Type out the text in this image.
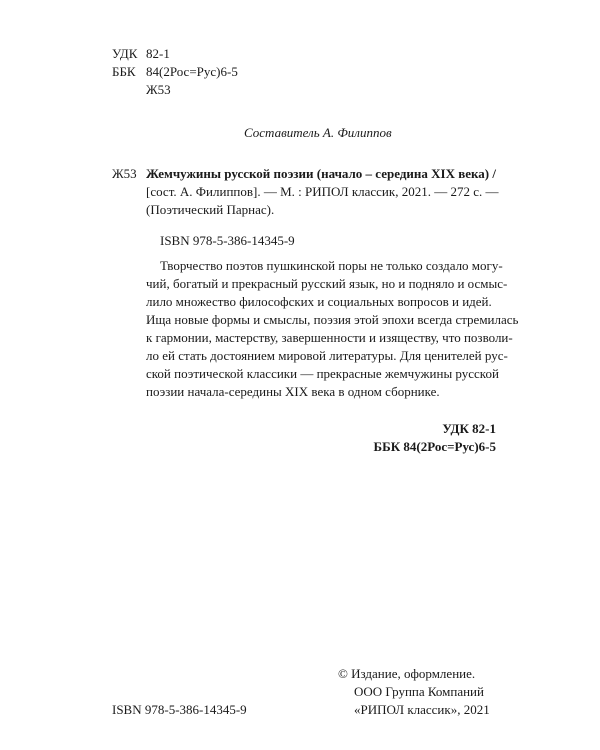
УДК 82-1
ББК 84(2Рос=Рус)6-5
Ж53
Составитель А. Филиппов
Ж53 Жемчужины русской поэзии (начало – середина XIX века) /
[сост. А. Филиппов]. — М. : РИПОЛ классик, 2021. — 272 с. —
(Поэтический Парнас).
ISBN 978-5-386-14345-9
Творчество поэтов пушкинской поры не только создало могу-
чий, богатый и прекрасный русский язык, но и подняло и осмыс-
лило множество философских и социальных вопросов и идей.
Ища новые формы и смыслы, поэзия этой эпохи всегда стремилась
к гармонии, мастерству, завершенности и изяществу, что позволи-
ло ей стать достоянием мировой литературы. Для ценителей рус-
ской поэтической классики — прекрасные жемчужины русской
поэзии начала-середины XIX века в одном сборнике.
УДК 82-1
ББК 84(2Рос=Рус)6-5
© Издание, оформление.
ООО Группа Компаний
«РИПОЛ классик», 2021
ISBN 978-5-386-14345-9
